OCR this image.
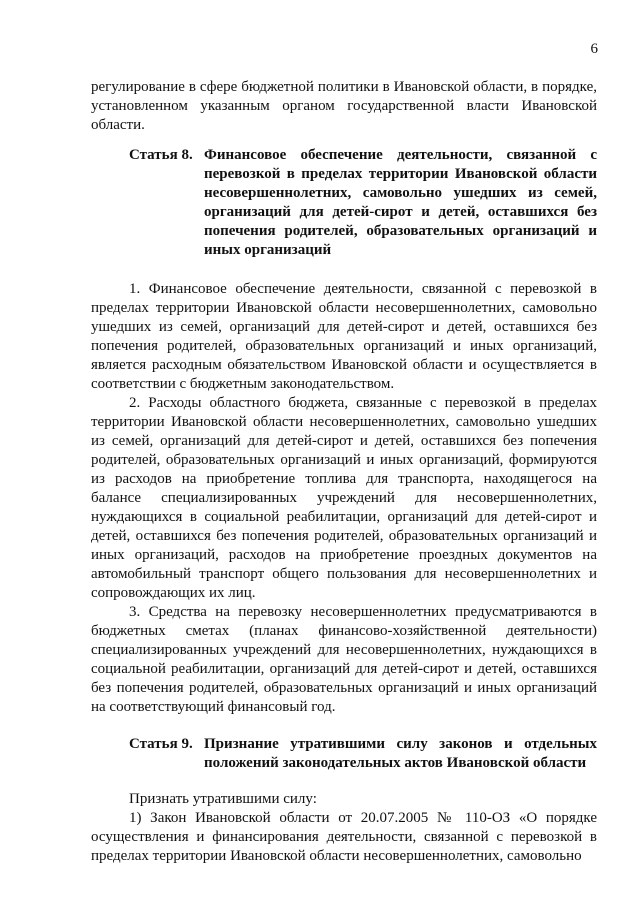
6

регулирование в сфере бюджетной политики в Ивановской области, в порядке, установленном указанным органом государственной власти Ивановской области.

Статья 8. Финансовое обеспечение деятельности, связанной с перевозкой в пределах территории Ивановской области несовершеннолетних, самовольно ушедших из семей, организаций для детей-сирот и детей, оставшихся без попечения родителей, образовательных организаций и иных организаций

1. Финансовое обеспечение деятельности, связанной с перевозкой в пределах территории Ивановской области несовершеннолетних, самовольно ушедших из семей, организаций для детей-сирот и детей, оставшихся без попечения родителей, образовательных организаций и иных организаций, является расходным обязательством Ивановской области и осуществляется в соответствии с бюджетным законодательством.

2. Расходы областного бюджета, связанные с перевозкой в пределах территории Ивановской области несовершеннолетних, самовольно ушедших из семей, организаций для детей-сирот и детей, оставшихся без попечения родителей, образовательных организаций и иных организаций, формируются из расходов на приобретение топлива для транспорта, находящегося на балансе специализированных учреждений для несовершеннолетних, нуждающихся в социальной реабилитации, организаций для детей-сирот и детей, оставшихся без попечения родителей, образовательных организаций и иных организаций, расходов на приобретение проездных документов на автомобильный транспорт общего пользования для несовершеннолетних и сопровождающих их лиц.

3. Средства на перевозку несовершеннолетних предусматриваются в бюджетных сметах (планах финансово-хозяйственной деятельности) специализированных учреждений для несовершеннолетних, нуждающихся в социальной реабилитации, организаций для детей-сирот и детей, оставшихся без попечения родителей, образовательных организаций и иных организаций на соответствующий финансовый год.

Статья 9. Признание утратившими силу законов и отдельных положений законодательных актов Ивановской области

Признать утратившими силу:

1) Закон Ивановской области от 20.07.2005 № 110-ОЗ «О порядке осуществления и финансирования деятельности, связанной с перевозкой в пределах территории Ивановской области несовершеннолетних, самовольно
